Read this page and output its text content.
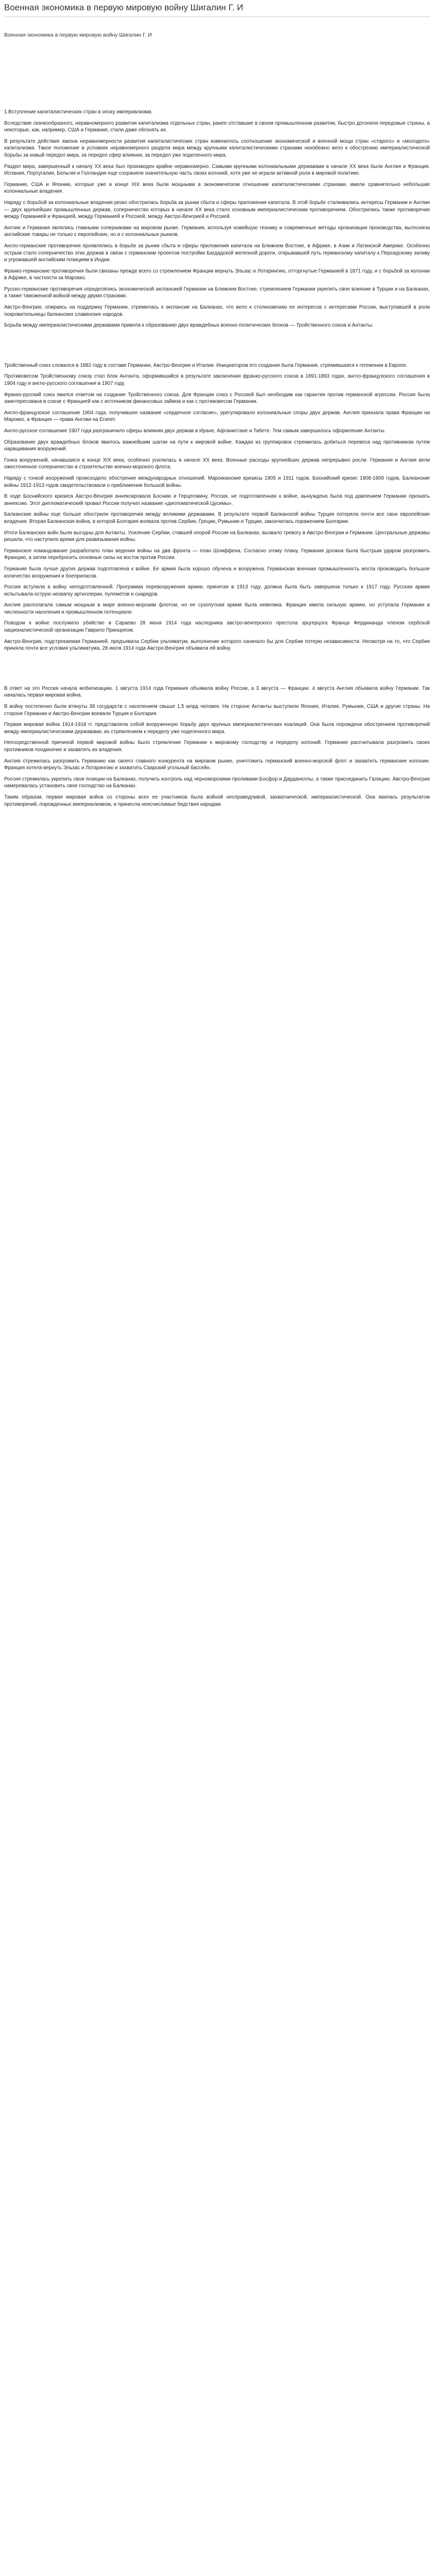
Военная экономика в первую мировую войну Шигалин Г. И
Военная экономика в первую мировую войну Шигалин Г. И

1.Вступление капиталистических стран в эпоху империализма.

Вследствие скачкообразного, неравномерного развития капитализма отдельных стран, ранее отставшие в своем промышленном развитии, быстро догоняли передовые страны, а некоторые, как, например, США и Германия, стали даже обгонять их.

В результате действия закона неравномерности развития капиталистических стран изменилось соотношение экономической и военной мощи стран «старого» и «молодого» капитализма. Такое положение в условиях неравномерного раздела мира между крупными капиталистическими странами неизбежно вело к обострению империалистической борьбы за новый передел мира, за передел сфер влияния, за передел уже поделенного мира.

Раздел мира, завершенный к началу XX века был произведен крайне неравномерно. Самыми крупными колониальными державами в начале XX века были Англия и Франция. Испания, Португалия, Бельгия и Голландия еще сохраняли значительную часть своих колоний, хотя уже не играли активной роли в мировой политике.

Германия, США и Японию, которые уже в конце XIX века были мощными в экономическом отношении капиталистическими странами, имели сравнительно небольшие колониальные владения.

Наряду с борьбой за колониальные владения резко обострилась борьба за рынки сбыта и сферы приложения капитала. В этой борьбе сталкивались интересы Германии и Англии — двух крупнейших промышленных держав, соперничество которых в начале XX века стало основным империалистическим противоречием. Обострились также противоречия между Германией и Францией, между Германией и Россией, между Австро-Венгрией и Россией.

Англия и Германия являлись главными соперниками на мировом рынке. Германия, используя новейшую технику и современные методы организации производства, вытесняла английские товары не только с европейских, но и с колониальных рынков.

Англо-германские противоречия проявлялись в борьбе за рынки сбыта и сферы приложения капитала на Ближнем Востоке, в Африке, в Азии и Латинской Америке. Особенно острым стало соперничество этих держав в связи с германским проектом постройки Багдадской железной дороги, открывавшей путь германскому капиталу к Персидскому заливу и угрожавшей английским позициям в Индии.

Франко-германские противоречия были связаны прежде всего со стремлением Франции вернуть Эльзас и Лотарингию, отторгнутые Германией в 1871 году, и с борьбой за колонии в Африке, в частности за Марокко.

Русско-германские противоречия определялись экономической экспансией Германии на Ближнем Востоке, стремлением Германии укрепить свое влияние в Турции и на Балканах, а также таможенной войной между двумя странами.

Австро-Венгрия, опираясь на поддержку Германии, стремилась к экспансии на Балканах, что вело к столкновению ее интересов с интересами России, выступавшей в роли покровительницы балканских славянских народов.

Борьба между империалистическими державами привела к образованию двух враждебных военно-политических блоков — Тройственного союза и Антанты.

Тройственный союз сложился в 1882 году в составе Германии, Австро-Венгрии и Италии. Инициатором его создания была Германия, стремившаяся к гегемонии в Европе.

Противовесом Тройственному союзу стал блок Антанта, оформившийся в результате заключения франко-русского союза в 1891-1893 годах, англо-французского соглашения в 1904 году и англо-русского соглашения в 1907 году.

Франко-русский союз явился ответом на создание Тройственного союза. Для Франции союз с Россией был необходим как гарантия против германской агрессии. Россия была заинтересована в союзе с Францией как с источником финансовых займов и как с противовесом Германии.

Англо-французское соглашение 1904 года, получившее название «сердечное согласие», урегулировало колониальные споры двух держав. Англия признала права Франции на Марокко, а Франция — права Англии на Египет.

Англо-русское соглашение 1907 года разграничило сферы влияния двух держав в Иране, Афганистане и Тибете. Тем самым завершилось оформление Антанты.

Образование двух враждебных блоков явилось важнейшим шагом на пути к мировой войне. Каждая из группировок стремилась добиться перевеса над противником путем наращивания вооружений.

Гонка вооружений, начавшаяся в конце XIX века, особенно усилилась в начале XX века. Военные расходы крупнейших держав непрерывно росли. Германия и Англия вели ожесточенное соперничество в строительстве военно-морского флота.

Наряду с гонкой вооружений происходило обострение международных отношений. Марокканские кризисы 1905 и 1911 годов, Боснийский кризис 1908-1909 годов, Балканские войны 1912-1913 годов свидетельствовали о приближении большой войны.

В ходе Боснийского кризиса Австро-Венгрия аннексировала Боснию и Герцеговину. Россия, не подготовленная к войне, вынуждена была под давлением Германии признать аннексию. Этот дипломатический провал России получил название «дипломатической Цусимы».

Балканские войны еще больше обострили противоречия между великими державами. В результате первой Балканской войны Турция потеряла почти все свои европейские владения. Вторая Балканская война, в которой Болгария воевала против Сербии, Греции, Румынии и Турции, закончилась поражением Болгарии.

Итоги Балканских войн были выгодны для Антанты. Усиление Сербии, ставшей опорой России на Балканах, вызвало тревогу в Австро-Венгрии и Германии. Центральные державы решили, что наступило время для развязывания войны.

Германское командование разработало план ведения войны на два фронта — план Шлиффена. Согласно этому плану, Германия должна была быстрым ударом разгромить Францию, а затем перебросить основные силы на восток против России.

Германия была лучше других держав подготовлена к войне. Ее армия была хорошо обучена и вооружена. Германская военная промышленность могла производить большое количество вооружения и боеприпасов.

Россия вступила в войну неподготовленной. Программа перевооружения армии, принятая в 1913 году, должна была быть завершена только к 1917 году. Русская армия испытывала острую нехватку артиллерии, пулеметов и снарядов.

Англия располагала самым мощным в мире военно-морским флотом, но ее сухопутная армия была невелика. Франция имела сильную армию, но уступала Германии в численности населения и промышленном потенциале.

Поводом к войне послужило убийство в Сараево 28 июня 1914 года наследника австро-венгерского престола эрцгерцога Франца Фердинанда членом сербской националистической организации Гаврило Принципом.

Австро-Венгрия, подстрекаемая Германией, предъявила Сербии ультиматум, выполнение которого означало бы для Сербии потерю независимости. Несмотря на то, что Сербия приняла почти все условия ультиматума, 28 июля 1914 года Австро-Венгрия объявила ей войну.

В ответ на это Россия начала мобилизацию. 1 августа 1914 года Германия объявила войну России, а 3 августа — Франции. 4 августа Англия объявила войну Германии. Так началась первая мировая война.

В войну постепенно были втянуты 38 государств с населением свыше 1,5 млрд человек. На стороне Антанты выступили Япония, Италия, Румыния, США и другие страны. На стороне Германии и Австро-Венгрии воевали Турция и Болгария.

Первая мировая война 1914-1918 гг. представляла собой вооруженную борьбу двух крупных империалистических коалиций. Она была порождена обострением противоречий между империалистическими державами, их стремлением к переделу уже поделенного мира.

Непосредственной причиной первой мировой войны было стремление Германии к мировому господству и переделу колоний. Германия рассчитывала разгромить своих противников поодиночке и захватить их владения.

Англия стремилась разгромить Германию как своего главного конкурента на мировом рынке, уничтожить германский военно-морской флот и захватить германские колонии. Франция хотела вернуть Эльзас и Лотарингию и захватить Саарский угольный бассейн.

Россия стремилась укрепить свои позиции на Балканах, получить контроль над черноморскими проливами Босфор и Дарданеллы, а также присоединить Галицию. Австро-Венгрия намеревалась установить свое господство на Балканах.

Таким образом, первая мировая война со стороны всех ее участников была войной несправедливой, захватнической, империалистической. Она явилась результатом противоречий, порожденных империализмом, и принесла неисчислимые бедствия народам.
